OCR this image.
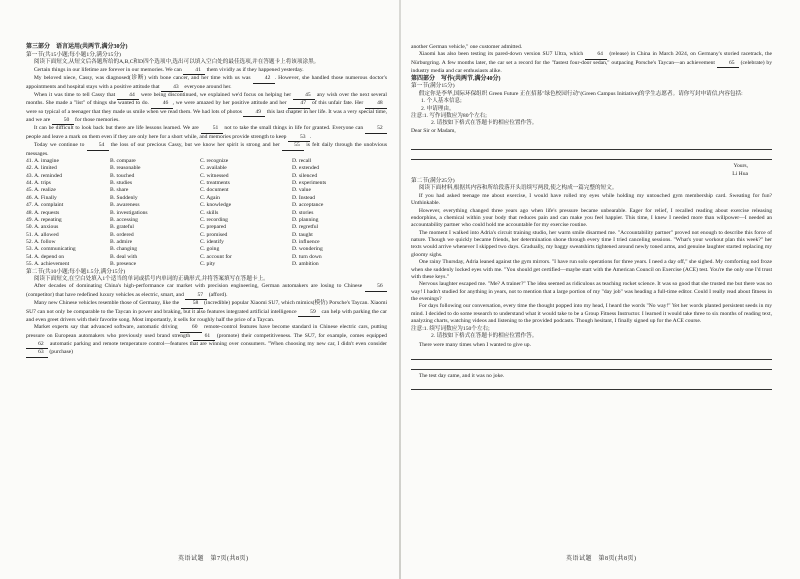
第三部分　语言运用(共两节,满分30分)
第一节(共15小题;每小题1分,满分15分)

阅读下面短文,从短文后各题所给的A,B,C和D四个选项中,选出可以填入空白处的最佳选项,并在答题卡上将该项涂黑。

Certain things in our lifetime are forever in our memories. We can 41 them vividly as if they happened yesterday.

My beloved niece, Cassy, was diagnosed(诊断) with bone cancer, and her time with us was	42 . However, she handled those numerous doctor's appointments and hospital stays with a positive attitude that 43 everyone around her.

When it was time to tell Cassy that 44 were being discontinued, we explained we'd focus on helping her 45 any wish over the next several months. She made a "list" of things she wanted to do. 46 , we were amazed by her positive attitude and her 47 of this unfair fate. Her 48 were so typical of a teenager that they made us smile when we read them. We had lots of photos 49 this last chapter in her life. It was a very special time, and we are 50 for those memories.

It can be difficult to look back but there are life lessons learned. We are 51 not to take the small things in life for granted. Everyone can 52 people and leave a mark on them even if they are only here for a short while, and memories provide strength to keep 53 .

Today we continue to	54 the loss of our precious Cassy, but we know her spirit is strong and her	55 is felt daily through the unobvious messages.

41. A. imagine	B. compare	C. recognize	D. recall
42. A. limited	B. reasonable	C. available	D. extended
43. A. reminded	B. touched	C. witnessed	D. silenced
44. A. trips	B. studies	C. treatments	D. experiments
45. A. realize	B. share	C. document	D. value
46. A. Finally	B. Suddenly	C. Again	D. Instead
47. A. complaint	B. awareness	C. knowledge	D. acceptance
48. A. requests	B. investigations	C. skills	D. stories
49. A. repeating	B. accessing	C. recording	D. planning
50. A. anxious	B. grateful	C. prepared	D. regretful
51. A. allowed	B. ordered	C. promised	D. taught
52. A. follow	B. admire	C. identify	D. influence
53. A. communicating	B. changing	C. going	D. wondering
54. A. depend on	B. deal with	C. account for	D. turn down
55. A. achievement	B. presence	C. pity	D. ambition
第二节(共10小题;每小题1.5分,满分15分)

阅读下面短文,在空白处填入1个适当的单词或括号内单词的正确形式,并将答案填写在答题卡上。

After decades of dominating China's high-performance car market with precision engineering, German automakers are losing to Chinese	56 (competitor) that have redefined luxury vehicles as electric, smart, and 57 (afford).

Many new Chinese vehicles resemble those of Germany, like the 58 (incredible) popular Xiaomi SU7, which mimics(模仿) Porsche's Taycan. Xiaomi SU7 can not only be comparable to the Taycan in power and braking, but it also features integrated artificial intelligence 59 can help with parking the car and even greet drivers with their favorite song. Most importantly, it sells for roughly half the price of a Taycan.

Market experts say that advanced software, automatic driving	60 remote-control features have become standard in Chinese electric cars, putting pressure on European automakers who previously used brand strength	61 (promote) their competitiveness. The SU7, for example, comes equipped 62 automatic parking and remote temperature control—features that are winning over consumers. "When choosing my new car, I didn't even consider 63 (purchase)

英语试题　第7页(共8页)

another German vehicle," one customer admitted.

Xiaomi has also been testing its pared-down version SU7 Ultra, which	64 (release) in China in March 2024, on Germany's storied racetrack, the Nürburgring. A few months later, the car set a record for the "fastest four-door sedan," outpacing Porsche's Taycan—an achievement 65 (celebrate) by industry media and car enthusiasts alike.

第四部分　写作(共两节,满分40分)
第一节(满分15分)

假定你是李华,国际环保组织 Green Future 正在招募"绿色校园行动"(Green Campus Initiative)的学生志愿者。请你写封申请信,内容包括:

1. 个人基本信息;
2. 申请理由。
注意:1. 写作词数应为80个左右;
2. 请按如下格式在答题卡的相应位置作答。
Dear Sir or Madam,
Yours,
Li Hua
第二节(满分25分)

阅读下面材料,根据其内容和所给段落开头语续写两段,使之构成一篇完整的短文。

If you had asked teenage me about exercise, I would have rolled my eyes while holding my untouched gym membership card. Sweating for fun? Unthinkable.

However, everything changed three years ago when life's pressure became unbearable. Eager for relief, I recalled reading about exercise releasing endorphins, a chemical within your body that reduces pain and can make you feel happier. This time, I knew I needed more than willpower—I needed an accountability partner who could hold me accountable for my exercise routine.

The moment I walked into Adria's circuit training studio, her warm smile disarmed me. "Accountability partner" proved not enough to describe this force of nature. Though we quickly became friends, her determination shone through every time I tried canceling sessions. "What's your workout plan this week?" her texts would arrive whenever I skipped two days. Gradually, my baggy sweatshirts tightened around newly toned arms, and genuine laughter started replacing my gloomy sighs.

One rainy Thursday, Adria leaned against the gym mirrors. "I have run solo operations for three years. I need a day off," she sighed. My comforting nod froze when she suddenly locked eyes with me. "You should get certified—maybe start with the American Council on Exercise (ACE) test. You're the only one I'd trust with these keys."

Nervous laughter escaped me. "Me? A trainer?" The idea seemed as ridiculous as teaching rocket science. It was so good that she trusted me but there was no way! I hadn't studied for anything in years, not to mention that a large portion of my "day job" was heading a full-time editor. Could I really read about fitness in the evenings?

For days following our conversation, every time the thought popped into my head, I heard the words "No way!" Yet her words planted persistent seeds in my mind. I decided to do some research to understand what it would take to be a Group Fitness Instructor. I learned it would take three to six months of reading text, analyzing charts, watching videos and listening to the provided podcasts. Though hesitant, I finally signed up for the ACE course.

注意:1. 续写词数应为150个左右;
2. 请按如下格式在答题卡的相应位置作答。
There were many times when I wanted to give up.
The test day came, and it was no joke.
英语试题　第8页(共8页)
